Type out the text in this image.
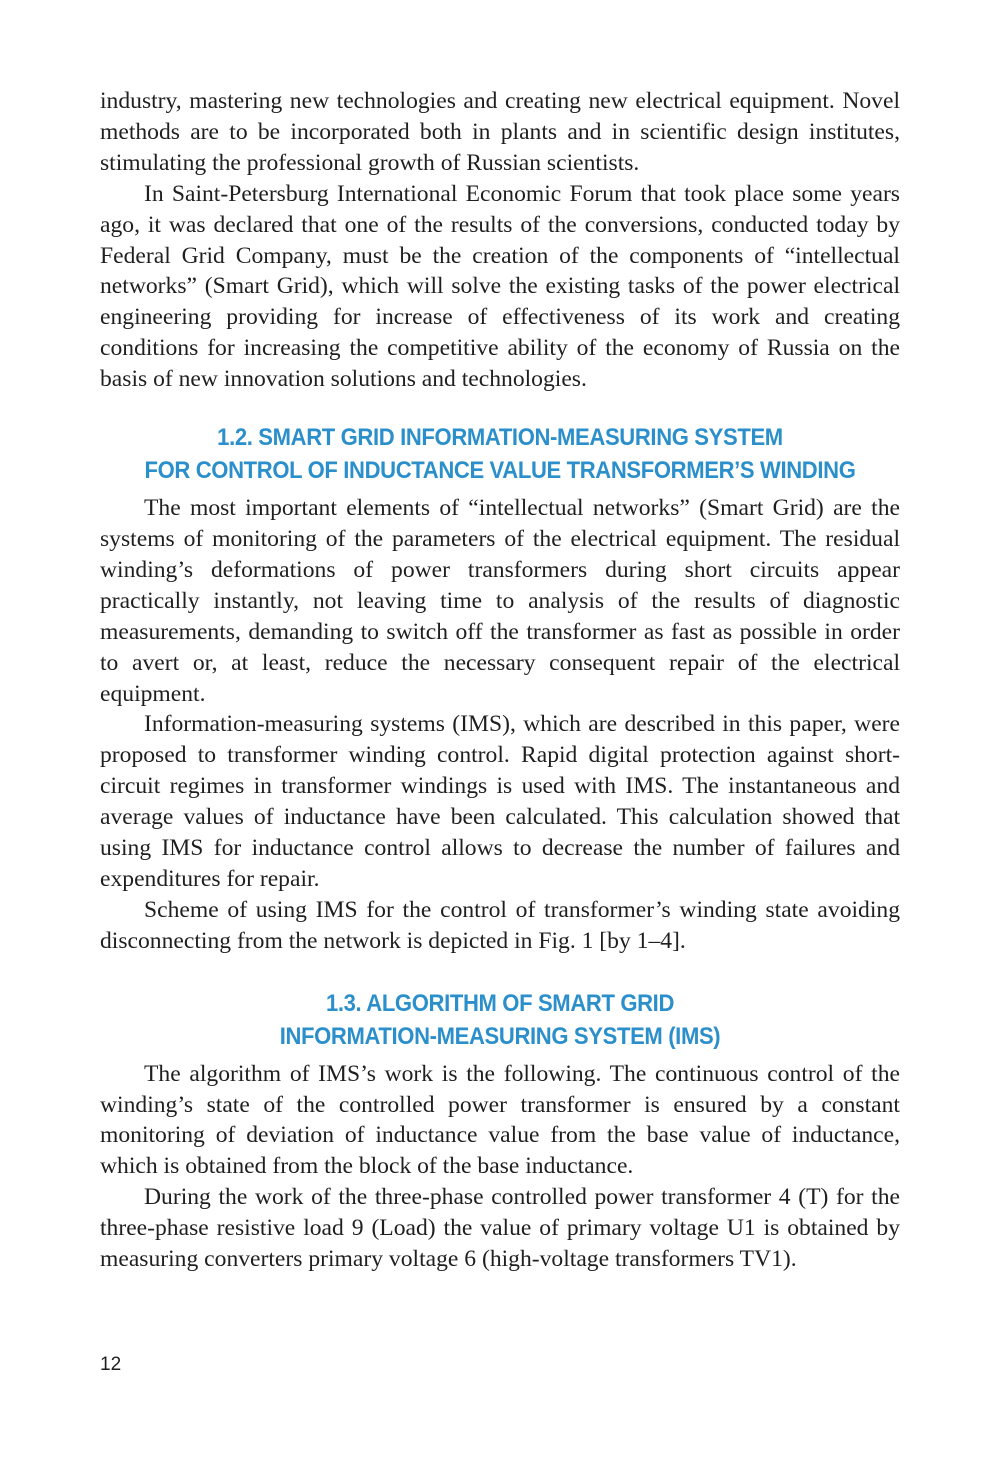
industry, mastering new technologies and creating new electrical equipment. Novel methods are to be incorporated both in plants and in scientific design institutes, stimulating the professional growth of Russian scientists.

In Saint-Petersburg International Economic Forum that took place some years ago, it was declared that one of the results of the conversions, conducted today by Federal Grid Company, must be the creation of the components of “intellectual networks” (Smart Grid), which will solve the existing tasks of the power electrical engineering providing for increase of effectiveness of its work and creating conditions for increasing the competitive ability of the economy of Russia on the basis of new innovation solutions and technologies.

1.2. SMART GRID INFORMATION-MEASURING SYSTEM
FOR CONTROL OF INDUCTANCE VALUE TRANSFORMER’S WINDING

The most important elements of “intellectual networks” (Smart Grid) are the systems of monitoring of the parameters of the electrical equipment. The residual winding’s deformations of power transformers during short circuits appear practically instantly, not leaving time to analysis of the results of diagnostic measurements, demanding to switch off the transformer as fast as possible in order to avert or, at least, reduce the necessary consequent repair of the electrical equipment.

Information-measuring systems (IMS), which are described in this paper, were proposed to transformer winding control. Rapid digital protection against short-circuit regimes in transformer windings is used with IMS. The instantaneous and average values of inductance have been calculated. This calculation showed that using IMS for inductance control allows to decrease the number of failures and expenditures for repair.

Scheme of using IMS for the control of transformer’s winding state avoiding disconnecting from the network is depicted in Fig. 1 [by 1–4].

1.3. ALGORITHM OF SMART GRID
INFORMATION-MEASURING SYSTEM (IMS)

The algorithm of IMS’s work is the following. The continuous control of the winding’s state of the controlled power transformer is ensured by a constant monitoring of deviation of inductance value from the base value of inductance, which is obtained from the block of the base inductance.

During the work of the three-phase controlled power transformer 4 (T) for the three-phase resistive load 9 (Load) the value of primary voltage U1 is obtained by measuring converters primary voltage 6 (high-voltage transformers TV1).

12
